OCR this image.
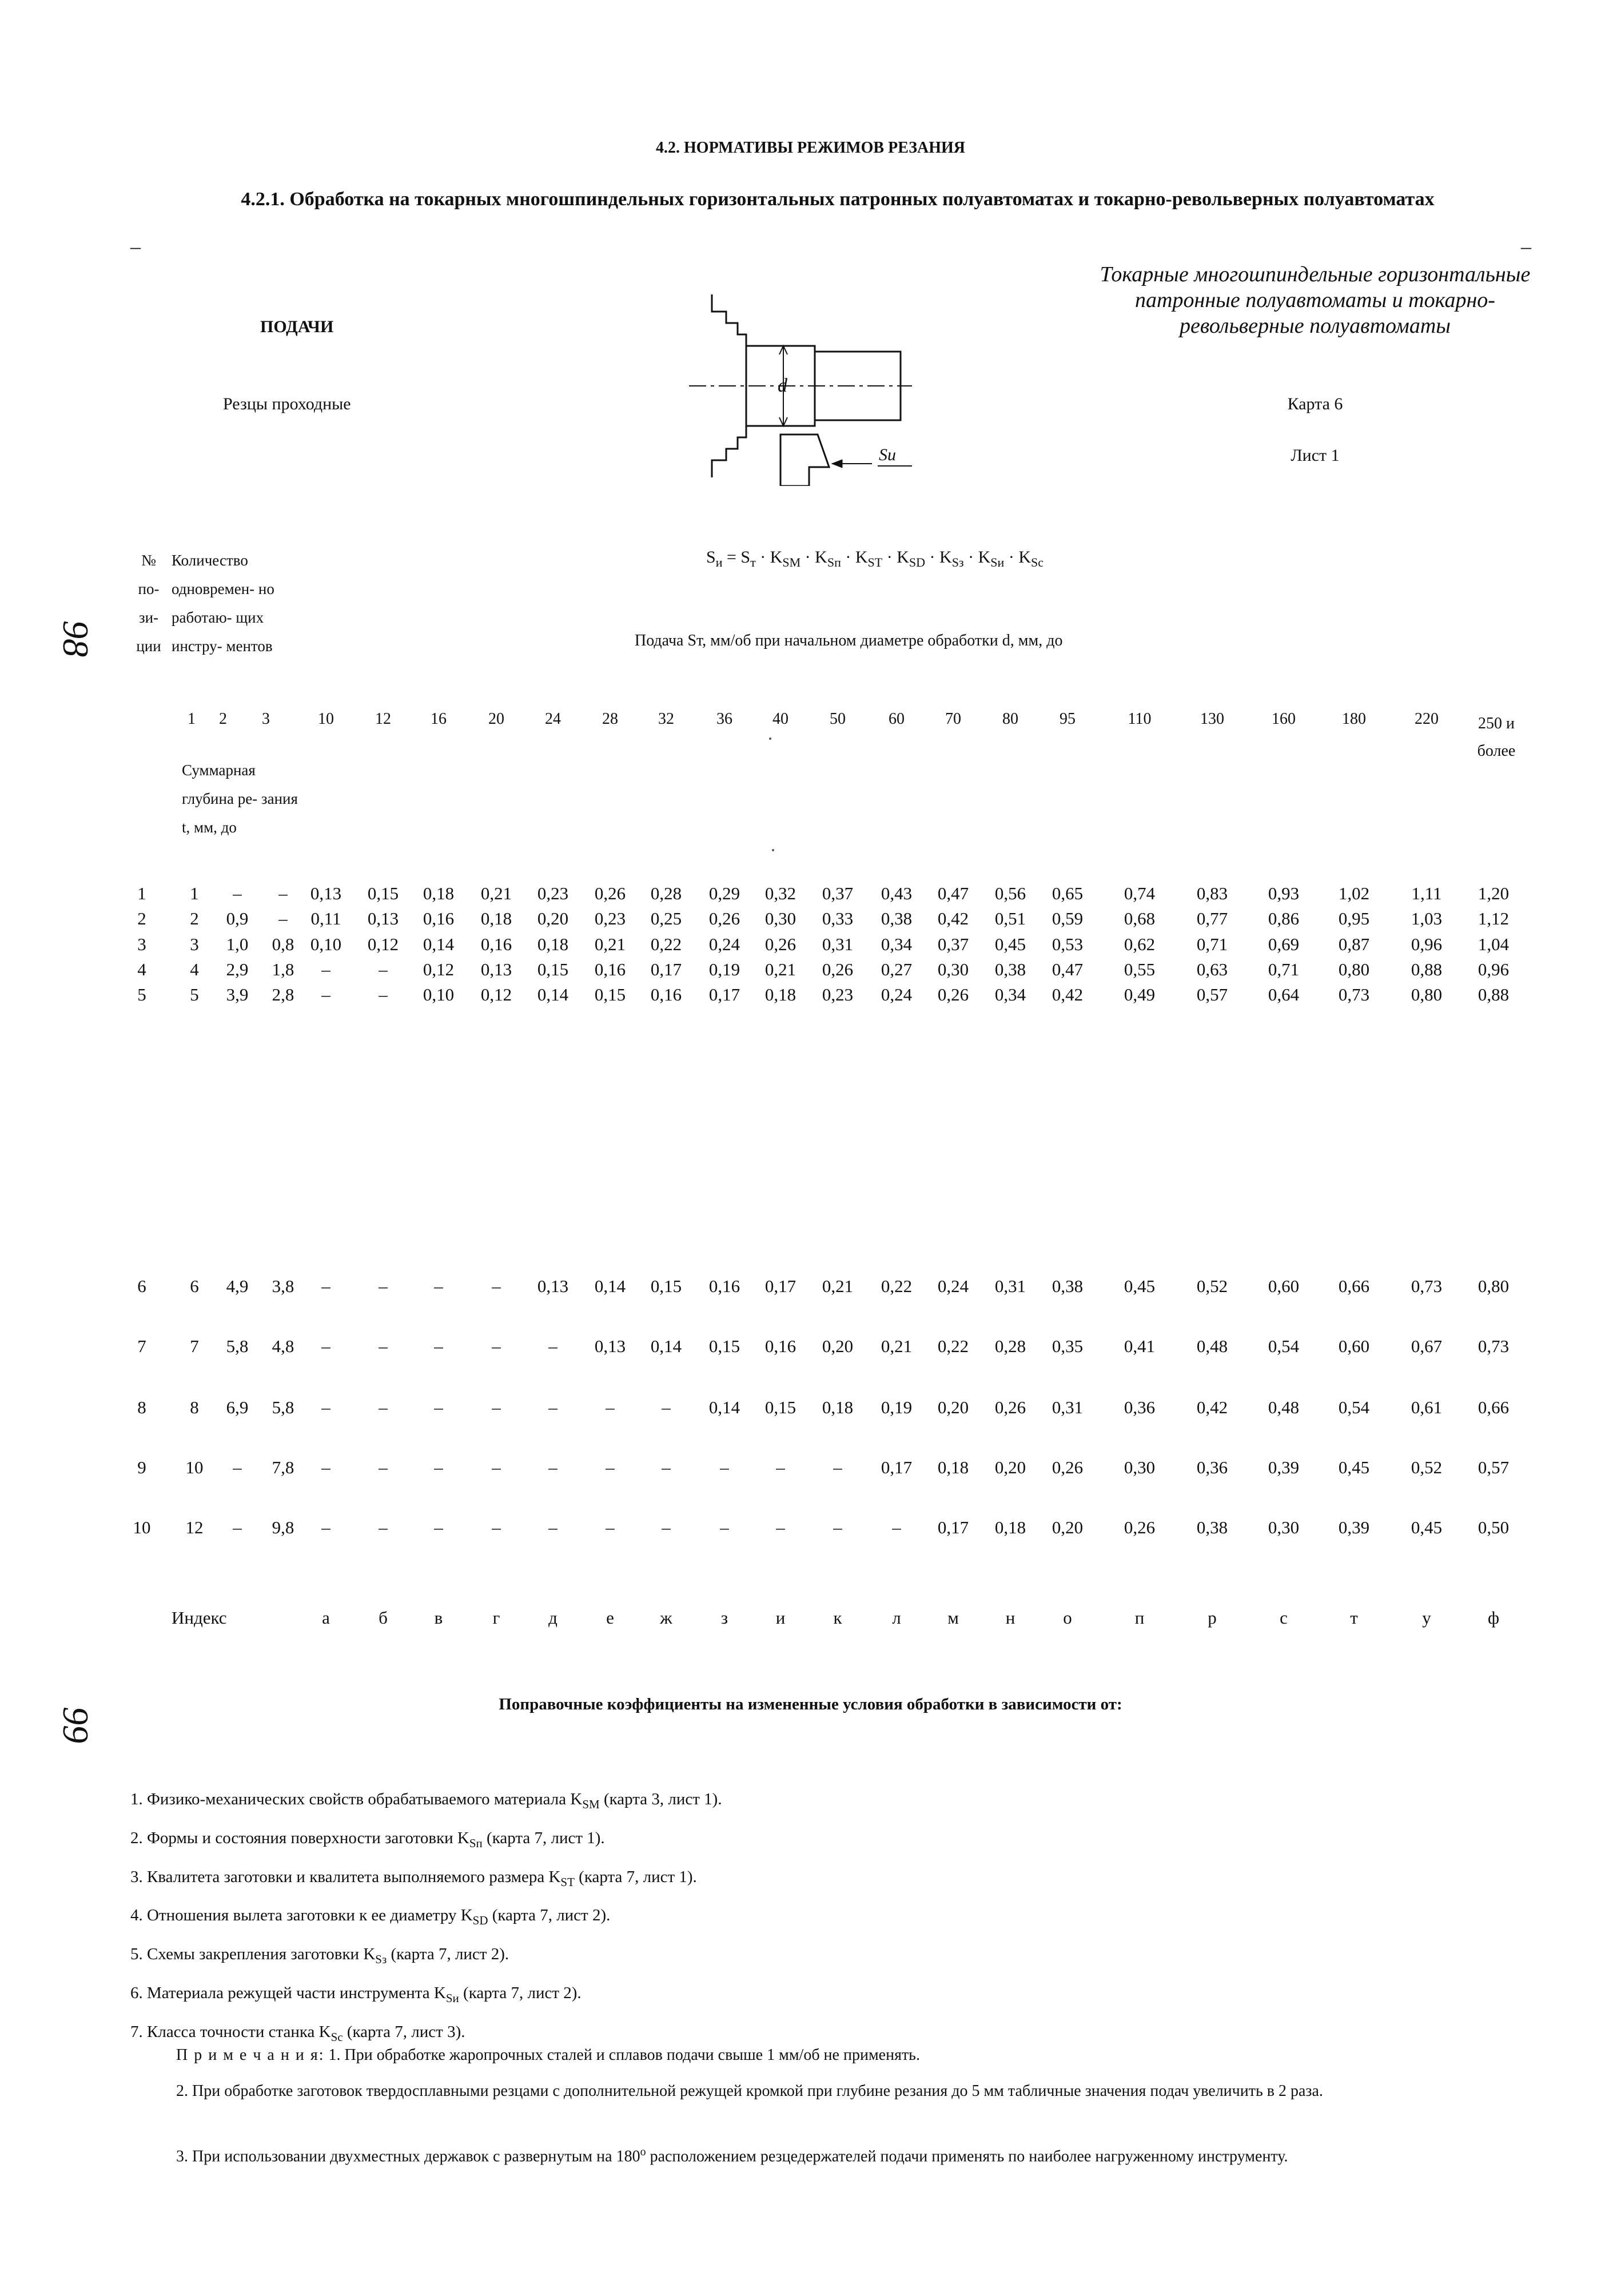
4.2. НОРМАТИВЫ РЕЖИМОВ РЕЗАНИЯ
4.2.1. Обработка на токарных многошпиндельных горизонтальных патронных полуавтоматах и токарно-револьверных полуавтоматах
–	–
ПОДАЧИ
Резцы проходные
d
Sи
Токарные многошпиндельные горизонтальные патронные полуавтоматы и токарно-револьверные полуавтоматы
Карта 6
Лист 1
$S_и = S_т \cdot K_{SM} \cdot K_{Sп} \cdot K_{ST} \cdot K_{SD} \cdot K_{Sз} \cdot K_{Sи} \cdot K_{Sc}$
№ по- зи- ции
Количество одновремен- но работаю- щих инстру- ментов	Подача Sт, мм/об при начальном диаметре обработки d, мм, до
1	2	3
Суммарная глубина ре- зания t, мм, до
10	12	16	20	24	28	32	36	40	50	60	70	80	95	110	130	160	180	220	250 и более
1	1	–	–	0,13	0,15	0,18	0,21	0,23	0,26	0,28	0,29	0,32	0,37	0,43	0,47	0,56	0,65	0,74	0,83	0,93	1,02	1,11	1,20
2	2	0,9	–	0,11	0,13	0,16	0,18	0,20	0,23	0,25	0,26	0,30	0,33	0,38	0,42	0,51	0,59	0,68	0,77	0,86	0,95	1,03	1,12
3	3	1,0	0,8 0,10	0,12	0,14	0,16	0,18	0,21	0,22	0,24	0,26	0,31	0,34	0,37	0,45	0,53	0,62	0,71	0,69	0,87	0,96	1,04
4	4	2,9	1,8	–	–	0,12	0,13	0,15	0,16	0,17	0,19	0,21	0,26	0,27	0,30	0,38	0,47	0,55	0,63	0,71	0,80	0,88	0,96
5	5	3,9	2,8	–	–	0,10	0,12	0,14	0,15	0,16	0,17	0,18	0,23	0,24	0,26	0,34	0,42	0,49	0,57	0,64	0,73	0,80	0,88
6	6	4,9	3,8	–	–	–	–	0,13	0,14	0,15	0,16	0,17	0,21	0,22	0,24	0,31	0,38	0,45	0,52	0,60	0,66	0,73	0,80
7	7	5,8	4,8	–	–	–	–	–	0,13	0,14	0,15	0,16	0,20	0,21	0,22	0,28	0,35	0,41	0,48	0,54	0,60	0,67	0,73
8	8	6,9	5,8	–	–	–	–	–	–	–	0,14	0,15	0,18	0,19	0,20	0,26	0,31	0,36	0,42	0,48	0,54	0,61	0,66
9	10	–	7,8	–	–	–	–	–	–	–	–	–	–	0,17	0,18	0,20	0,26	0,30	0,36	0,39	0,45	0,52	0,57
10	12	–	9,8	–	–	–	–	–	–	–	–	–	–	–	0,17	0,18	0,20	0,26	0,38	0,30	0,39	0,45	0,50
Индекс	а	б	в	г	д	е	ж	з	и	к	л	м	н	о	п	р	с	т	у	ф
98
99
Поправочные коэффициенты на измененные условия обработки в зависимости от:
1. Физико-механических свойств обрабатываемого материала $K_{SM}$ (карта 3, лист 1).
2. Формы и состояния поверхности заготовки $K_{Sп}$ (карта 7, лист 1).
3. Квалитета заготовки и квалитета выполняемого размера $K_{ST}$ (карта 7, лист 1).
4. Отношения вылета заготовки к ее диаметру $K_{SD}$ (карта 7, лист 2).
5. Схемы закрепления заготовки $K_{Sз}$ (карта 7, лист 2).
6. Материала режущей части инструмента $K_{Sи}$ (карта 7, лист 2).
7. Класса точности станка $K_{Sc}$ (карта 7, лист 3).
П р и м е ч а н и я: 1. При обработке жаропрочных сталей и сплавов подачи свыше 1 мм/об не применять.
2. При обработке заготовок твердосплавными резцами с дополнительной режущей кромкой при глубине резания до 5 мм табличные значения подач увеличить в 2 раза.
3. При использовании двухместных державок с развернутым на 180$^o$ расположением резцедержателей подачи применять по наиболее нагруженному инструменту.
